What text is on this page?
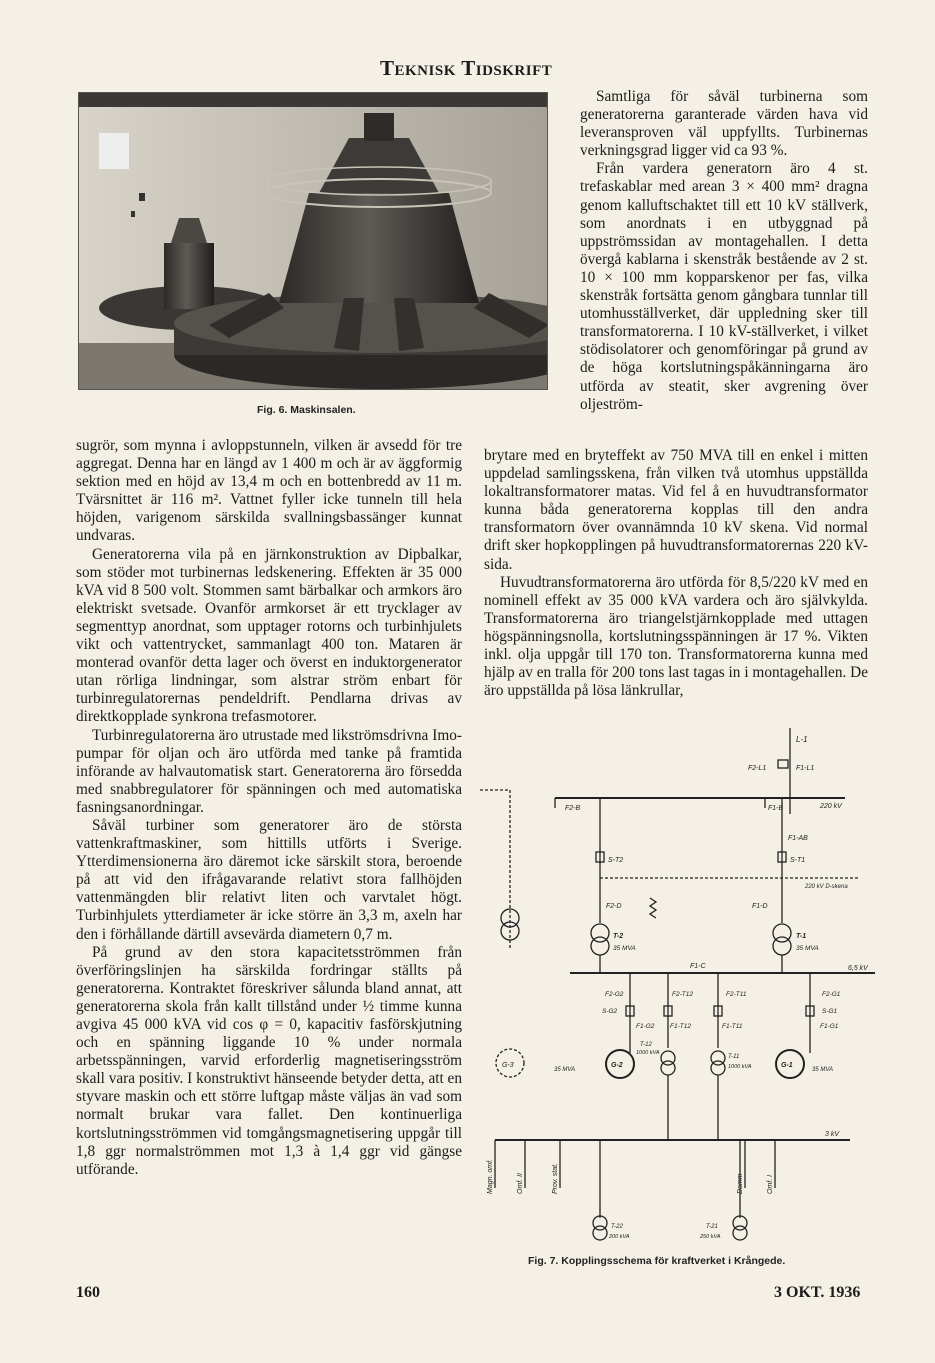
Teknisk Tidskrift
Fig. 6. Maskinsalen.

Samtliga för såväl turbinerna som generatorerna garanterade värden hava vid leveransproven väl uppfyllts. Turbinernas verkningsgrad ligger vid ca 93 %.

Från vardera generatorn äro 4 st. trefaskablar med arean 3 × 400 mm² dragna genom kalluftschaktet till ett 10 kV ställverk, som anordnats i en utbyggnad på uppströmssidan av montagehallen. I detta övergå kablarna i skenstråk bestående av 2 st. 10 × 100 mm kopparskenor per fas, vilka skenstråk fortsätta genom gångbara tunnlar till utomhusställverket, där uppledning sker till transformatorerna. I 10 kV-ställverket, i vilket stödisolatorer och genomföringar på grund av de höga kortslutningspåkänningarna äro utförda av steatit, sker avgrening över oljeström-

brytare med en bryteffekt av 750 MVA till en enkel i mitten uppdelad samlingsskena, från vilken två utomhus uppställda lokaltransformatorer matas. Vid fel å en huvudtransformator kunna båda generatorerna kopplas till den andra transformatorn över ovannämnda 10 kV skena. Vid normal drift sker hopkopplingen på huvudtransformatorernas 220 kV-sida.

Huvudtransformatorerna äro utförda för 8,5/220 kV med en nominell effekt av 35 000 kVA vardera och äro självkylda. Transformatorerna äro triangelstjärnkopplade med uttagen högspänningsnolla, kortslutningsspänningen är 17 %. Vikten inkl. olja uppgår till 170 ton. Transformatorerna kunna med hjälp av en tralla för 200 tons last tagas in i montagehallen. De äro uppställda på lösa länkrullar,

sugrör, som mynna i avloppstunneln, vilken är avsedd för tre aggregat. Denna har en längd av 1 400 m och är av äggformig sektion med en höjd av 13,4 m och en bottenbredd av 11 m. Tvärsnittet är 116 m². Vattnet fyller icke tunneln till hela höjden, varigenom särskilda svallningsbassänger kunnat undvaras.

Generatorerna vila på en järnkonstruktion av Dipbalkar, som stöder mot turbinernas ledskenering. Effekten är 35 000 kVA vid 8 500 volt. Stommen samt bärbalkar och armkors äro elektriskt svetsade. Ovanför armkorset är ett trycklager av segmenttyp anordnat, som upptager rotorns och turbinhjulets vikt och vattentrycket, sammanlagt 400 ton. Mataren är monterad ovanför detta lager och överst en induktorgenerator utan rörliga lindningar, som alstrar ström enbart för turbinregulatorernas pendeldrift. Pendlarna drivas av direktkopplade synkrona trefasmotorer.

Turbinregulatorerna äro utrustade med likströmsdrivna Imo-pumpar för oljan och äro utförda med tanke på framtida införande av halvautomatisk start. Generatorerna äro försedda med snabbregulatorer för spänningen och med automatiska fasningsanordningar.

Såväl turbiner som generatorer äro de största vattenkraftmaskiner, som hittills utförts i Sverige. Ytterdimensionerna äro däremot icke särskilt stora, beroende på att vid den ifrågavarande relativt stora fallhöjden vattenmängden blir relativt liten och varvtalet högt. Turbinhjulets ytterdiameter är icke större än 3,3 m, axeln har den i förhållande därtill avsevärda diametern 0,7 m.

På grund av den stora kapacitetsströmmen från överföringslinjen ha särskilda fordringar ställts på generatorerna. Kontraktet föreskriver sålunda bland annat, att generatorerna skola från kallt tillstånd under ½ timme kunna avgiva 45 000 kVA vid cos φ = 0, kapacitiv fasförskjutning och en spänning liggande 10 % under normala arbetsspänningen, varvid erforderlig magnetiseringsström skall vara positiv. I konstruktivt hänseende betyder detta, att en styvare maskin och ett större luftgap måste väljas än vad som normalt brukar vara fallet. Den kontinuerliga kortslutningsströmmen vid tomgångsmagnetisering uppgår till 1,8 ggr normalströmmen mot 1,3 à 1,4 ggr vid gängse utförande.

L-1
F2-L1	F1-L1
220 kV
F2-B	F1-B
F1-AB
S-T2	S-T1
220 kV D-skena
F2-D	F1-D
T-2
35 MVA
T-1
35 MVA
F1-C	6,5 kV
F2-G2	F2-T12	F2-T11	F2-G1
S-G2	S-G1
F1-G2 F1-T12	F1-T11	F1-G1
T-12
1000 kVA
T-11
1000 kVA
G-3	G-2	G-1
35 MVA	35 MVA
3 kV
Magn. omf.	Omf. II	Prov. stat.	Damm	Omf. I
T-22
200 kVA
T-21
250 kVA
Fig. 7. Kopplingsschema för kraftverket i Krångede.
160	3 OKT. 1936
